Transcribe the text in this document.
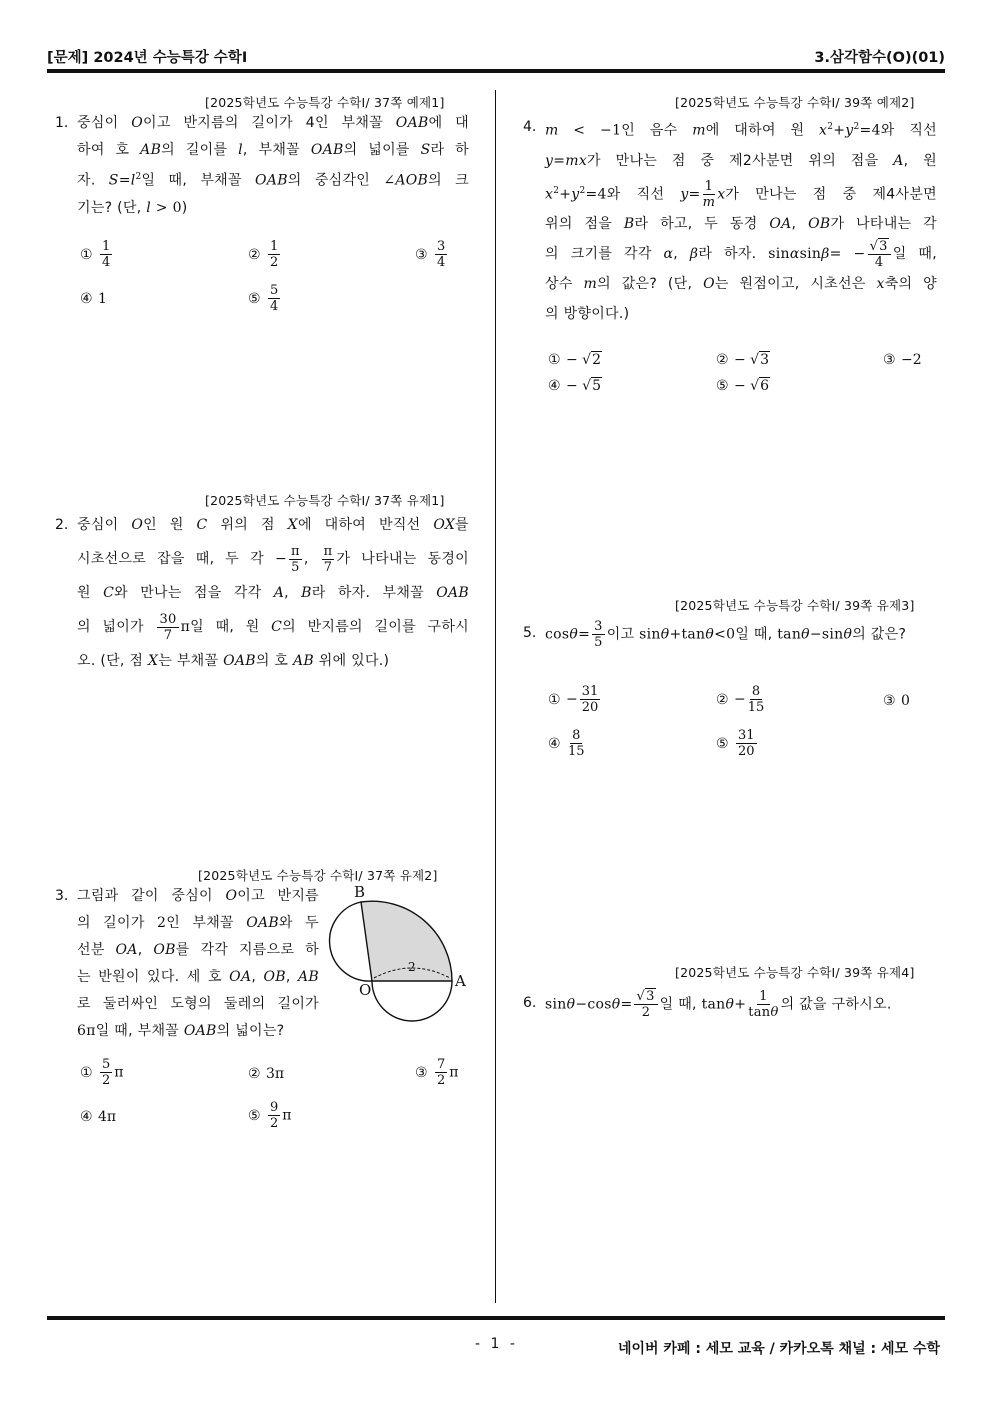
[문제] 2024년 수능특강 수학Ⅰ	3.삼각함수(O)(01)
[2025학년도 수능특강 수학Ⅰ/ 37쪽 예제1]
1. 중심이 O이고 반지름의 길이가 4인 부채꼴 OAB에 대
하여 호 AB의 길이를 l, 부채꼴 OAB의 넓이를 S라 하
자. $S=l^2$일 때, 부채꼴 OAB의 중심각인 ∠AOB의 크
기는? (단, l > 0)
① $\frac{1}{4}$	② $\frac{1}{2}$	③ $\frac{3}{4}$
④ 1	⑤ $\frac{5}{4}$
[2025학년도 수능특강 수학Ⅰ/ 37쪽 유제1]
2. 중심이 O인 원 C 위의 점 X에 대하여 반직선 OX를
시초선으로 잡을 때, 두 각 − $\frac{\pi}{5}$ , $\frac{\pi}{7}$ 가 나타내는 동경이
원 C와 만나는 점을 각각 A, B라 하자. 부채꼴 OAB
의 넓이가 $\frac{30}{7}$ π일 때, 원 C의 반지름의 길이를 구하시
오. (단, 점 X는 부채꼴 OAB의 호 AB 위에 있다.)
[2025학년도 수능특강 수학Ⅰ/ 37쪽 유제2]
3. 그림과 같이 중심이 O이고 반지름
의 길이가 2인 부채꼴 OAB와 두
선분 OA, OB를 각각 지름으로 하
는 반원이 있다. 세 호 OA, OB, AB
로 둘러싸인 도형의 둘레의 길이가
6π일 때, 부채꼴 OAB의 넓이는?
2
B
O	A
① $\frac{5}{2}$ π	② 3π	③ $\frac{7}{2}$ π
④ 4π	⑤ $\frac{9}{2}$ π
[2025학년도 수능특강 수학Ⅰ/ 39쪽 예제2]
4. m < −1인 음수 m에 대하여 원 $x^2+y^2=4$와 직선
y=mx가 만나는 점 중 제2사분면 위의 점을 A, 원
$x^2+y^2=4$와 직선 $y= \frac{1}{m}$ x가 만나는 점 중 제4사분면
위의 점을 B라 하고, 두 동경 OA, OB가 나타내는 각
의 크기를 각각 α, β라 하자. $\sin\alpha\sin\beta= - \frac{√3}{4}$ 일 때,
상수 m의 값은? (단, O는 원점이고, 시초선은 x축의 양
의 방향이다.)
① − √2	② − √3	③ −2
④ − √5	⑤ − √6
[2025학년도 수능특강 수학Ⅰ/ 39쪽 유제3]
5. $\cos\theta= \frac{3}{5}$ 이고 sinθ+tanθ<0일 때, tanθ−sinθ의 값은?
① − $\frac{31}{20}$	② − $\frac{8}{15}$	③ 0
④ $\frac{8}{15}$	⑤ $\frac{31}{20}$
[2025학년도 수능특강 수학Ⅰ/ 39쪽 유제4]
6. $\sin\theta-\cos\theta= \frac{√3}{2}$ 일 때, $\tan\theta+ \frac{1}{\tan\theta}$ 의 값을 구하시오.
- 1 -	네이버 카페 : 세모 교육 / 카카오톡 채널 : 세모 수학
